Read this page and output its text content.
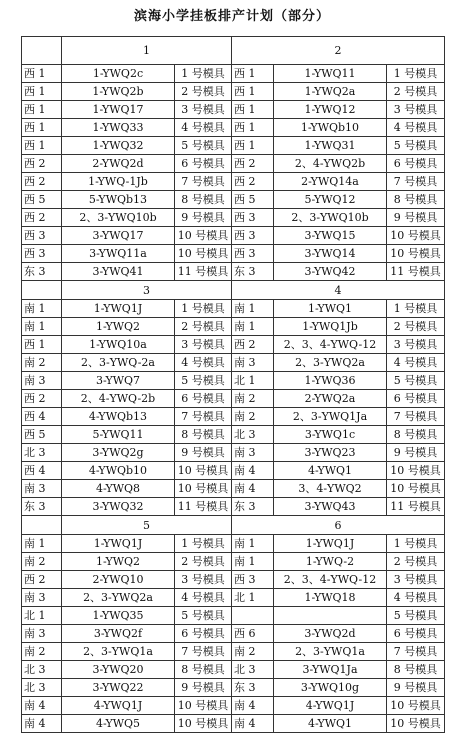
滨海小学挂板排产计划（部分）
	1		2		
西 1	1-YWQ2c	1 号模具	西 1	1-YWQ11	1 号模具
西 1	1-YWQ2b	2 号模具	西 1	1-YWQ2a	2 号模具
西 1	1-YWQ17	3 号模具	西 1	1-YWQ12	3 号模具
西 1	1-YWQ33	4 号模具	西 1	1-YWQb10	4 号模具
西 1	1-YWQ32	5 号模具	西 1	1-YWQ31	5 号模具
西 2	2-YWQ2d	6 号模具	西 2	2、4-YWQ2b	6 号模具
西 2	1-YWQ-1Jb	7 号模具	西 2	2-YWQ14a	7 号模具
西 5	5-YWQb13	8 号模具	西 5	5-YWQ12	8 号模具
西 2	2、3-YWQ10b	9 号模具	西 3	2、3-YWQ10b	9 号模具
西 3	3-YWQ17	10 号模具	西 3	3-YWQ15	10 号模具
西 3	3-YWQ11a	10 号模具	西 3	3-YWQ14	10 号模具
东 3	3-YWQ41	11 号模具	东 3	3-YWQ42	11 号模具
	3		4		
南 1	1-YWQ1J	1 号模具	南 1	1-YWQ1	1 号模具
南 1	1-YWQ2	2 号模具	南 1	1-YWQ1Jb	2 号模具
西 1	1-YWQ10a	3 号模具	西 2	2、3、4-YWQ-12	3 号模具
南 2	2、3-YWQ-2a	4 号模具	南 3	2、3-YWQ2a	4 号模具
南 3	3-YWQ7	5 号模具	北 1	1-YWQ36	5 号模具
西 2	2、4-YWQ-2b	6 号模具	南 2	2-YWQ2a	6 号模具
西 4	4-YWQb13	7 号模具	南 2	2、3-YWQ1Ja	7 号模具
西 5	5-YWQ11	8 号模具	北 3	3-YWQ1c	8 号模具
北 3	3-YWQ2g	9 号模具	南 3	3-YWQ23	9 号模具
西 4	4-YWQb10	10 号模具	南 4	4-YWQ1	10 号模具
南 3	4-YWQ8	10 号模具	南 4	3、4-YWQ2	10 号模具
东 3	3-YWQ32	11 号模具	东 3	3-YWQ43	11 号模具
	5		6		
南 1	1-YWQ1J	1 号模具	南 1	1-YWQ1J	1 号模具
南 2	1-YWQ2	2 号模具	南 1	1-YWQ-2	2 号模具
西 2	2-YWQ10	3 号模具	西 3	2、3、4-YWQ-12	3 号模具
南 3	2、3-YWQ2a	4 号模具	北 1	1-YWQ18	4 号模具
北 1	1-YWQ35	5 号模具			5 号模具
南 3	3-YWQ2f	6 号模具	西 6	3-YWQ2d	6 号模具
南 2	2、3-YWQ1a	7 号模具	南 2	2、3-YWQ1a	7 号模具
北 3	3-YWQ20	8 号模具	北 3	3-YWQ1Ja	8 号模具
北 3	3-YWQ22	9 号模具	东 3	3-YWQ10g	9 号模具
南 4	4-YWQ1J	10 号模具	南 4	4-YWQ1J	10 号模具
南 4	4-YWQ5	10 号模具	南 4	4-YWQ1	10 号模具
